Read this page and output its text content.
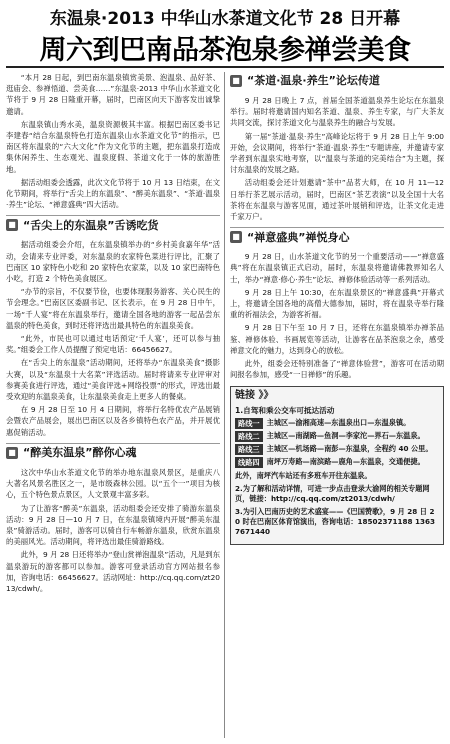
东温泉·2013 中华山水茶道文化节 28 日开幕
周六到巴南品茶泡泉参禅尝美食

“本月 28 日起，到巴南东温泉镇赏美景、泡温泉、品好茶、逛庙会、参禅悟道、尝美食……”东温泉·2013 中华山水茶道文化节将于 9 月 28 日隆重开幕，届时，巴南区向天下游客发出诚挚邀请。

东温泉镇山秀水美，温泉资源极其丰富。根据巴南区委书记李建春“结合东温泉特色打造东温泉山水茶道文化节”的指示，巴南区将东温泉的“六大文化”作为文化节的主题，把东温泉打造成集休闲养生、生态观光、温泉度假、茶道文化于一体的旅游胜地。

据活动组委会透露，此次文化节将于 10 月 13 日结束，在文化节期间，将举行“舌尖上的东温泉”、“醉美东温泉”、“茶道·温泉·养生”论坛、“禅意盛典”四大活动。

■ “舌尖上的东温泉”舌诱吃货

据活动组委会介绍，在东温泉镇举办的“乡村美食嘉年华”活动，会请来专业评委，对东温泉的农家特色菜进行评比，汇聚了巴南区 10 家特色小吃和 20 家特色农家菜，以及 10 家巴南特色小吃，打造 2 个特色美食展区。

“办节的宗旨，不仅要节俭，也要体现服务游客、关心民生的节会理念。”巴南区区委副书记、区长表示，在 9 月 28 日中午，一场“千人宴”将在东温泉举行，邀请全国各地的游客一起品尝东温泉的特色美食，到时还将评选出最具特色的东温泉美食。

“此外，市民也可以通过电话预定‘千人宴’，还可以参与抽奖。”组委会工作人员提醒了预定电话：66456627。

在“舌尖上的东温泉”活动期间，还将举办“东温泉美食”摄影大赛，以及“东温泉十大名菜”评选活动。届时将请来专业评审对参赛美食进行评选，通过“美食评选+网络投票”的形式，评选出最受欢迎的东温泉美食，让东温泉美食走上更多人的餐桌。

在 9 月 28 日至 10 月 4 日期间，将举行名特优农产品展销会暨农产品展会，展出巴南区以及各乡镇特色农产品，并开展优惠促销活动。

■ “醉美东温泉”醉你心魂

这次中华山水茶道文化节的举办地东温泉风景区，是重庆八大著名风景名胜区之一，是市级森林公园。以“五个一”项目为核心，五个特色景点景区，人文景观丰富多彩。

为了让游客“醉美”东温泉，活动组委会还安排了骑游东温泉活动：9 月 28 日—10 月 7 日，在东温泉镇境内开展“醉美东温泉”骑游活动。届时，游客可以骑自行车畅游东温泉，欣赏东温泉的美丽风光。活动期间，将评选出最佳骑游路线。

此外，9 月 28 日还将举办“登山赏禅泡温泉”活动，凡是到东温泉游玩的游客都可以参加。游客可登录活动官方网站报名参加，咨询电话：66456627。活动网址：http://cq.qq.com/zt2013/cdwh/。

■ “茶道·温泉·养生”论坛传道

9 月 28 日晚上 7 点，首届全国茶道温泉养生论坛在东温泉举行。届时将邀请国内知名茶道、温泉、养生专家，与广大茶友共同交流，探讨茶道文化与温泉养生的融合与发展。

第一届“茶道·温泉·养生”高峰论坛将于 9 月 28 日上午 9:00 开始，会议期间，将举行“茶道·温泉·养生”专题讲座，并邀请专家学者到东温泉实地考察，以“温泉与茶道的完美结合”为主题，探讨东温泉的发展之路。

活动组委会还计划邀请“茶中”品茗大师，在 10 月 11—12 日举行茶艺展示活动，届时，巴南区“茶艺表演”以及全国十大名茶将在东温泉与游客见面，通过茶叶展销和评选，让茶文化走进千家万户。

■ “禅意盛典”禅悦身心

9 月 28 日，山水茶道文化节的另一个重要活动——“禅意盛典”将在东温泉镇正式启动，届时，东温泉将邀请佛教界知名人士，举办“禅意·修心·养生”论坛、禅修体验活动等一系列活动。

9 月 28 日上午 10:30，在东温泉景区的“禅意盛典”开幕式上，将邀请全国各地的高僧大德参加，届时，将在温泉寺举行隆重的祈福法会，为游客祈福。

9 月 28 日下午至 10 月 7 日，还将在东温泉镇举办禅茶品鉴、禅修体验、书画展览等活动，让游客在品茶泡泉之余，感受禅意文化的魅力，达到身心的放松。

此外，组委会还特别准备了“禅意体验营”，游客可在活动期间报名参加，感受“一日禅修”的乐趣。

链接 》》
1.自驾和乘公交车可抵达活动
路线一 主城区—渝湘高速—东温泉出口—东温泉镇。
路线二 主城区—南湖路—鱼洞—李家沱—界石—东温泉。
路线三 主城区—机场路—南彭—东温泉，全程约 40 公里。
线路四 南坪万寿路—南滨路—鹿角—东温泉，交通便捷。
此外，南坪汽车站还有多班车开往东温泉。
2.为了解和活动详情，可进一步点击登录大渝网的相关专题网页，链接：http://cq.qq.com/zt2013/cdwh/
3.为引入巴南历史的艺术盛宴——《巴国赞歌》，9 月 28 日 20 时在巴南区体育馆演出，咨询电话：18502371188 13637671440
